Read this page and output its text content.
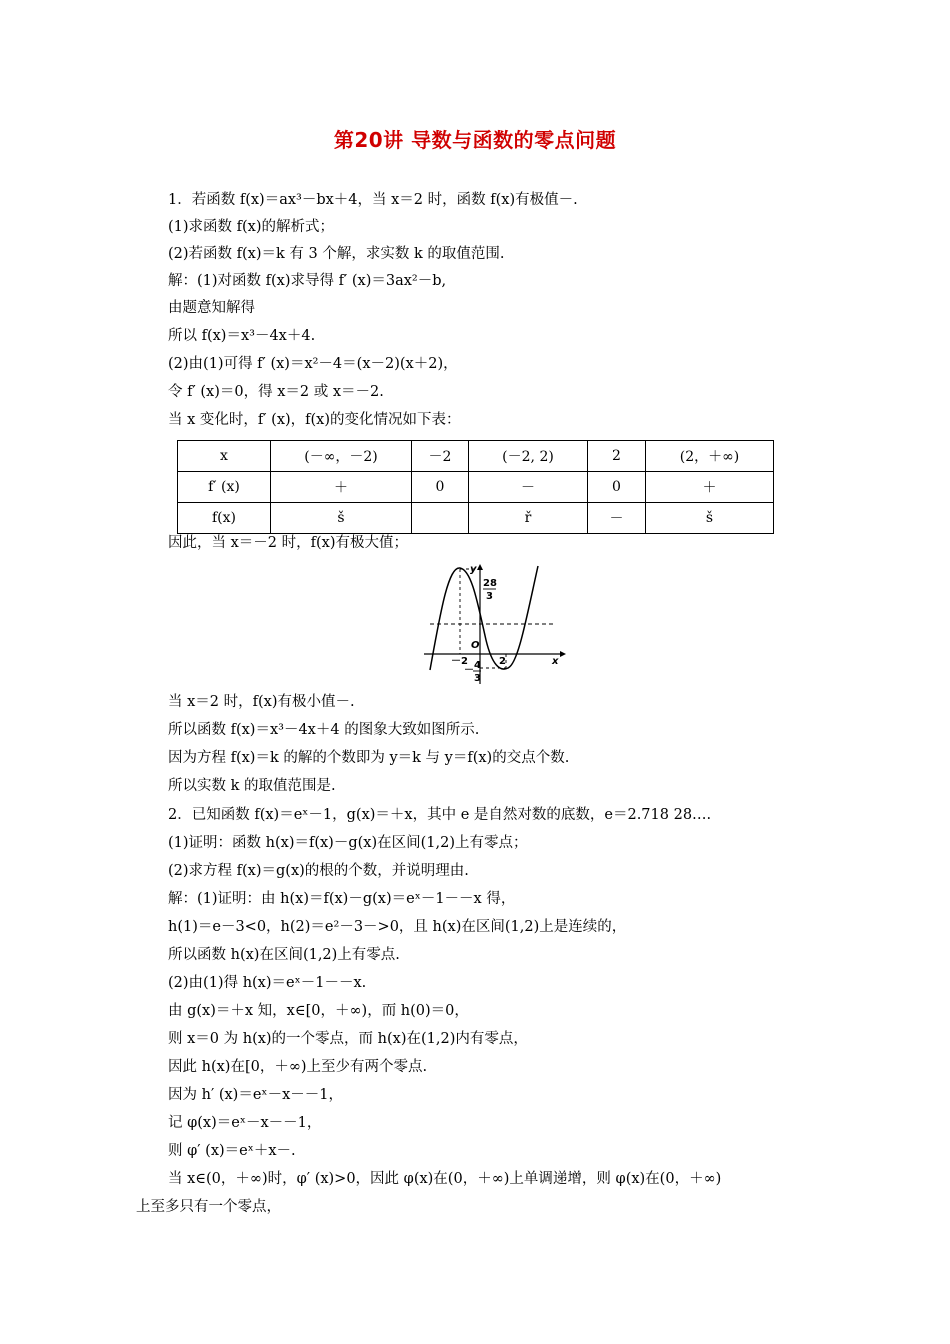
第20讲 导数与函数的零点问题
1．若函数 f(x)＝ax³－bx＋4，当 x＝2 时，函数 f(x)有极值－.
(1)求函数 f(x)的解析式；
(2)若函数 f(x)＝k 有 3 个解，求实数 k 的取值范围.
解：(1)对函数 f(x)求导得 f′ (x)＝3ax²－b,
由题意知解得
所以 f(x)＝x³－4x＋4.
(2)由(1)可得 f′ (x)＝x²－4＝(x－2)(x＋2)，
令 f′ (x)＝0，得 x＝2 或 x＝－2.
当 x 变化时，f′ (x)，f(x)的变化情况如下表：
x	(－∞，－2)	－2	(－2, 2)	2	(2，＋∞)
f′ (x)	＋	0	－	0	＋
f(x)	š		ř	－	š
因此，当 x＝－2 时，f(x)有极大值；
y
x
O
－2	2
28
3
－ 4
3
当 x＝2 时，f(x)有极小值－.
所以函数 f(x)＝x³－4x＋4 的图象大致如图所示.
因为方程 f(x)＝k 的解的个数即为 y＝k 与 y＝f(x)的交点个数.
所以实数 k 的取值范围是.
2．已知函数 f(x)＝eˣ－1，g(x)＝＋x，其中 e 是自然对数的底数，e＝2.718 28….
(1)证明：函数 h(x)＝f(x)－g(x)在区间(1,2)上有零点；
(2)求方程 f(x)＝g(x)的根的个数，并说明理由.
解：(1)证明：由 h(x)＝f(x)－g(x)＝eˣ－1－－x 得，
h(1)＝e－3<0，h(2)＝e²－3－>0，且 h(x)在区间(1,2)上是连续的，
所以函数 h(x)在区间(1,2)上有零点.
(2)由(1)得 h(x)＝eˣ－1－－x.
由 g(x)＝＋x 知，x∈[0，＋∞)，而 h(0)＝0，
则 x＝0 为 h(x)的一个零点，而 h(x)在(1,2)内有零点，
因此 h(x)在[0，＋∞)上至少有两个零点.
因为 h′ (x)＝eˣ－x－－1，
记 φ(x)＝eˣ－x－－1，
则 φ′ (x)＝eˣ＋x－.
当 x∈(0，＋∞)时，φ′ (x)>0，因此 φ(x)在(0，＋∞)上单调递增，则 φ(x)在(0，＋∞)
上至多只有一个零点，
